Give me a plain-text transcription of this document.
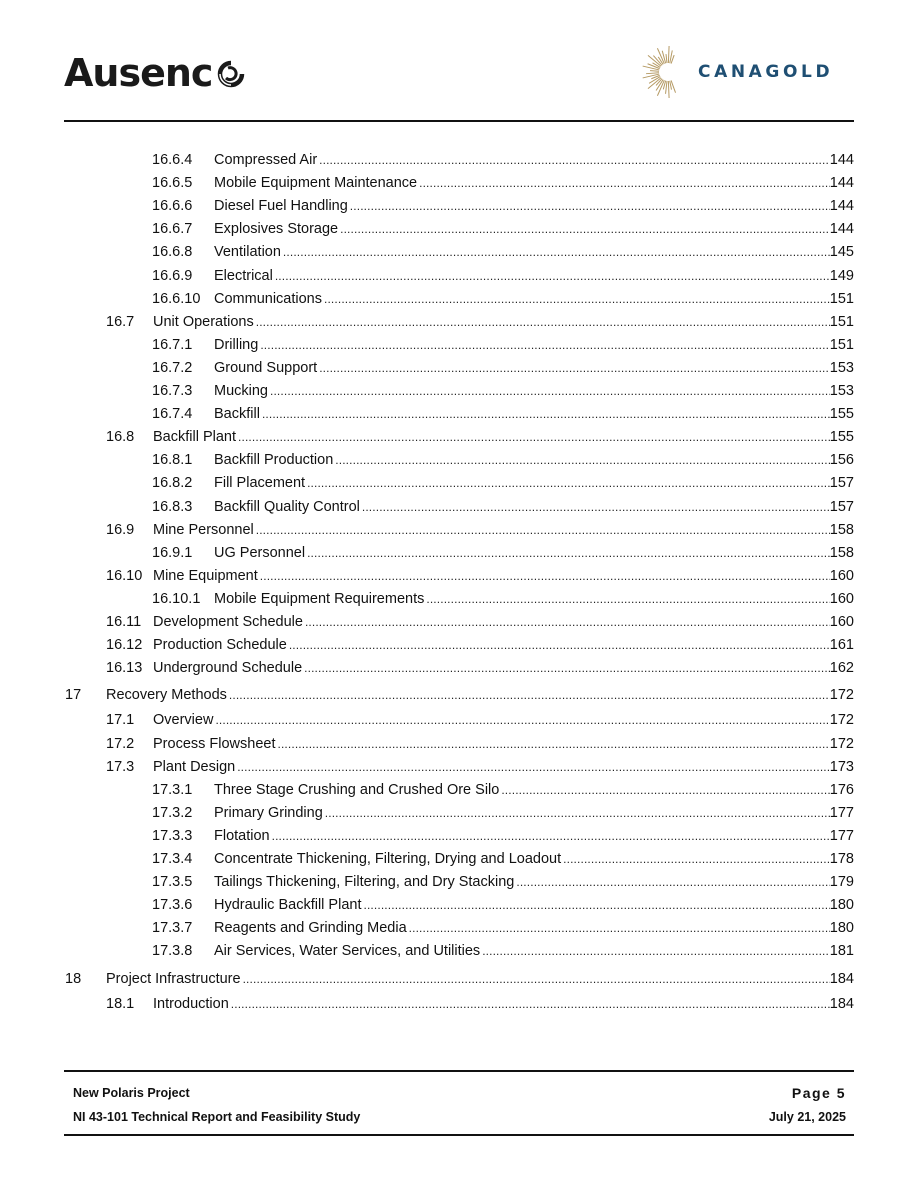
Ausenc	CANAGOLD
16.6.4 Compressed Air . . .	144
16.6.5 Mobile Equipment Maintenance . . .	144
16.6.6 Diesel Fuel Handling . . .	144
16.6.7 Explosives Storage . . .	144
16.6.8 Ventilation . . .	145
16.6.9 Electrical . . .	149
16.6.10 Communications . . .	151
16.7 Unit Operations . . .	151
16.7.1 Drilling . . .	151
16.7.2 Ground Support . . .	153
16.7.3 Mucking . . .	153
16.7.4 Backfill . . .	155
16.8 Backfill Plant . . .	155
16.8.1 Backfill Production . . .	156
16.8.2 Fill Placement . . .	157
16.8.3 Backfill Quality Control . . .	157
16.9 Mine Personnel . . .	158
16.9.1 UG Personnel . . .	158
16.10 Mine Equipment . . .	160
16.10.1 Mobile Equipment Requirements . . .	160
16.11 Development Schedule . . .	160
16.12 Production Schedule . . .	161
16.13 Underground Schedule . . .	162
17 Recovery Methods . . .	172
17.1 Overview . . .	172
17.2 Process Flowsheet . . .	172
17.3 Plant Design . . .	173
17.3.1 Three Stage Crushing and Crushed Ore Silo . . .	176
17.3.2 Primary Grinding . . .	177
17.3.3 Flotation . . .	177
17.3.4 Concentrate Thickening, Filtering, Drying and Loadout . . .	178
17.3.5 Tailings Thickening, Filtering, and Dry Stacking . . .	179
17.3.6 Hydraulic Backfill Plant . . .	180
17.3.7 Reagents and Grinding Media . . .	180
17.3.8 Air Services, Water Services, and Utilities . . .	181
18 Project Infrastructure . . .	184
18.1 Introduction . . .	184
New Polaris Project
NI 43-101 Technical Report and Feasibility Study
Page 5
July 21, 2025
